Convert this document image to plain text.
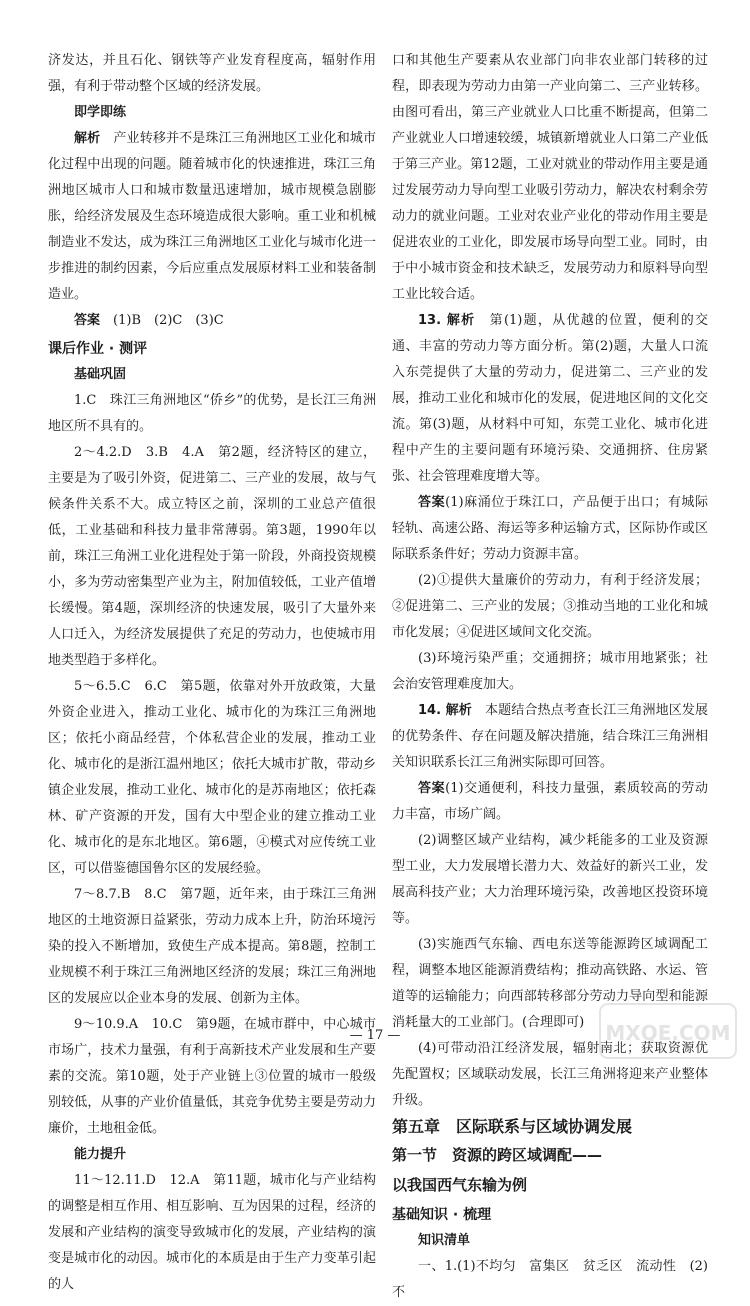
济发达，并且石化、钢铁等产业发育程度高，辐射作用强，有利于带动整个区域的经济发展。

即学即练

解析　 产业转移并不是珠江三角洲地区工业化和城市化过程中出现的问题。随着城市化的快速推进，珠江三角洲地区城市人口和城市数量迅速增加，城市规模急剧膨胀，给经济发展及生态环境造成很大影响。重工业和机械制造业不发达，成为珠江三角洲地区工业化与城市化进一步推进的制约因素，今后应重点发展原材料工业和装备制造业。

答案　 (1)B　(2)C　(3)C

课后作业 · 测评

基础巩固

1.C　珠江三角洲地区“侨乡”的优势，是长江三角洲地区所不具有的。

2～4.2.D　3.B　4.A　第2题，经济特区的建立，主要是为了吸引外资，促进第二、三产业的发展，故与气候条件关系不大。成立特区之前，深圳的工业总产值很低，工业基础和科技力量非常薄弱。第3题，1990年以前，珠江三角洲工业化进程处于第一阶段，外商投资规模小，多为劳动密集型产业为主，附加值较低，工业产值增长缓慢。第4题，深圳经济的快速发展，吸引了大量外来人口迁入，为经济发展提供了充足的劳动力，也使城市用地类型趋于多样化。

5～6.5.C　6.C　第5题，依靠对外开放政策，大量外资企业进入，推动工业化、城市化的为珠江三角洲地区；依托小商品经营，个体私营企业的发展，推动工业化、城市化的是浙江温州地区；依托大城市扩散，带动乡镇企业发展，推动工业化、城市化的是苏南地区；依托森林、矿产资源的开发，国有大中型企业的建立推动工业化、城市化的是东北地区。第6题，④模式对应传统工业区，可以借鉴德国鲁尔区的发展经验。

7～8.7.B　8.C　第7题，近年来，由于珠江三角洲地区的土地资源日益紧张，劳动力成本上升，防治环境污染的投入不断增加，致使生产成本提高。第8题，控制工业规模不利于珠江三角洲地区经济的发展；珠江三角洲地区的发展应以企业本身的发展、创新为主体。

9～10.9.A　10.C　第9题，在城市群中，中心城市市场广，技术力量强，有利于高新技术产业发展和生产要素的交流。第10题，处于产业链上③位置的城市一般级别较低，从事的产业价值量低，其竞争优势主要是劳动力廉价，土地租金低。

能力提升

11～12.11.D　12.A　第11题，城市化与产业结构的调整是相互作用、相互影响、互为因果的过程，经济的发展和产业结构的演变导致城市化的发展，产业结构的演变是城市化的动因。城市化的本质是由于生产力变革引起的人

口和其他生产要素从农业部门向非农业部门转移的过程，即表现为劳动力由第一产业向第二、三产业转移。由图可看出，第三产业就业人口比重不断提高，但第二产业就业人口增速较缓，城镇新增就业人口第二产业低于第三产业。第12题，工业对就业的带动作用主要是通过发展劳动力导向型工业吸引劳动力，解决农村剩余劳动力的就业问题。工业对农业产业化的带动作用主要是促进农业的工业化，即发展市场导向型工业。同时，由于中小城市资金和技术缺乏，发展劳动力和原料导向型工业比较合适。

13. 解析　 第(1)题，从优越的位置，便利的交通、丰富的劳动力等方面分析。第(2)题，大量人口流入东莞提供了大量的劳动力，促进第二、三产业的发展，推动工业化和城市化的发展，促进地区间的文化交流。第(3)题，从材料中可知，东莞工业化、城市化进程中产生的主要问题有环境污染、交通拥挤、住房紧张、社会管理难度增大等。

答案(1)麻涌位于珠江口，产品便于出口；有城际轻轨、高速公路、海运等多种运输方式，区际协作或区际联系条件好；劳动力资源丰富。

(2)①提供大量廉价的劳动力，有利于经济发展；②促进第二、三产业的发展；③推动当地的工业化和城市化发展；④促进区域间文化交流。

(3)环境污染严重；交通拥挤；城市用地紧张；社会治安管理难度加大。

14. 解析　 本题结合热点考查长江三角洲地区发展的优势条件、存在问题及解决措施，结合珠江三角洲相关知识联系长江三角洲实际即可回答。

答案(1)交通便利，科技力量强，素质较高的劳动力丰富，市场广阔。

(2)调整区域产业结构，减少耗能多的工业及资源型工业，大力发展增长潜力大、效益好的新兴工业，发展高科技产业；大力治理环境污染，改善地区投资环境等。

(3)实施西气东输、西电东送等能源跨区域调配工程，调整本地区能源消费结构；推动高铁路、水运、管道等的运输能力；向西部转移部分劳动力导向型和能源消耗量大的工业部门。(合理即可)

(4)可带动沿江经济发展，辐射南北；获取资源优先配置权；区域联动发展，长江三角洲将迎来产业整体升级。

第五章　区际联系与区域协调发展

第一节　资源的跨区域调配——
以我国西气东输为例

基础知识 · 梳理

知识清单

一、1.(1)不均匀　富集区　贫乏区　流动性　(2)不

— 17 —	MXQE.COM
